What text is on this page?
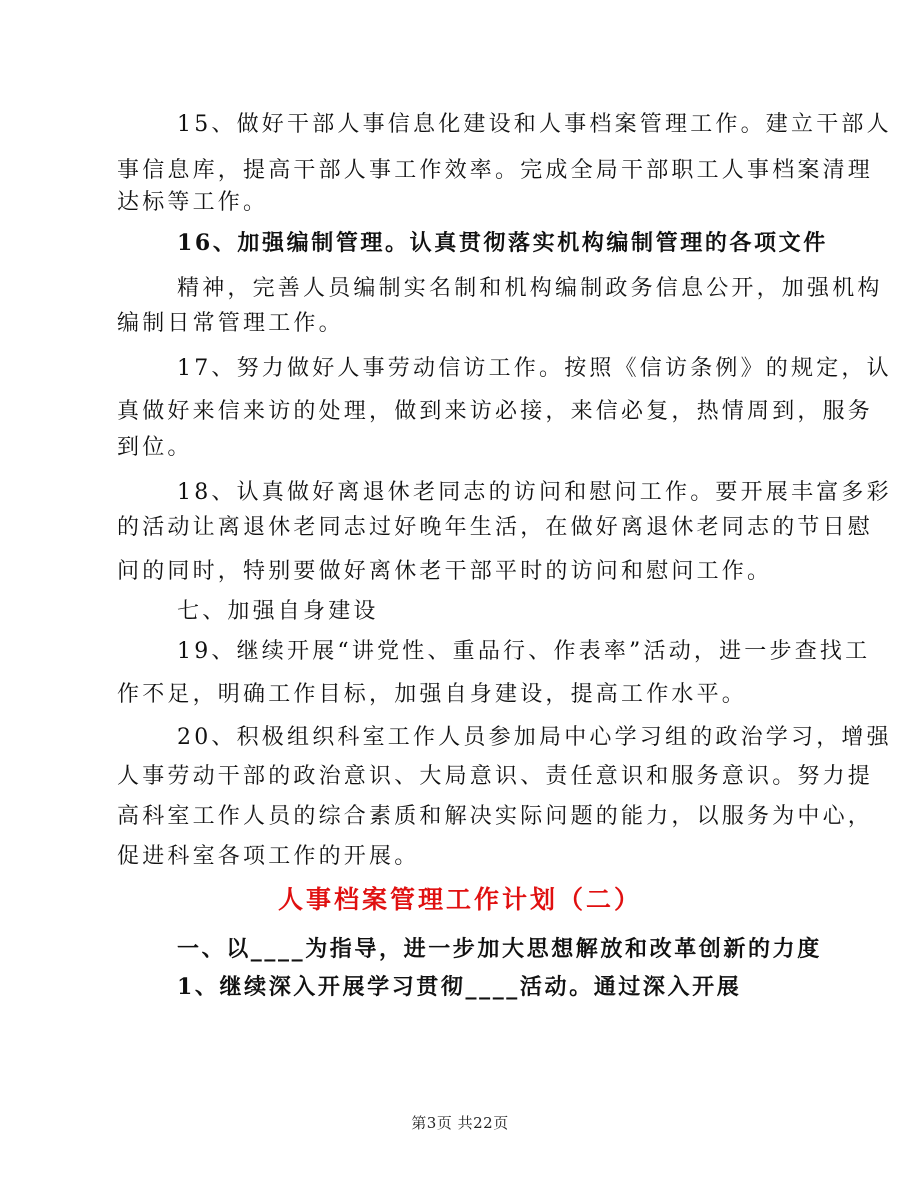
15、做好干部人事信息化建设和人事档案管理工作。建立干部人
事信息库，提高干部人事工作效率。完成全局干部职工人事档案清理
达标等工作。
16、加强编制管理。认真贯彻落实机构编制管理的各项文件
精神，完善人员编制实名制和机构编制政务信息公开，加强机构
编制日常管理工作。
17、努力做好人事劳动信访工作。按照《信访条例》的规定，认
真做好来信来访的处理，做到来访必接，来信必复，热情周到，服务
到位。
18、认真做好离退休老同志的访问和慰问工作。要开展丰富多彩
的活动让离退休老同志过好晚年生活，在做好离退休老同志的节日慰
问的同时，特别要做好离休老干部平时的访问和慰问工作。
七、加强自身建设
19、继续开展“讲党性、重品行、作表率”活动，进一步查找工
作不足，明确工作目标，加强自身建设，提高工作水平。
20、积极组织科室工作人员参加局中心学习组的政治学习，增强
人事劳动干部的政治意识、大局意识、责任意识和服务意识。努力提
高科室工作人员的综合素质和解决实际问题的能力，以服务为中心，
促进科室各项工作的开展。
人事档案管理工作计划（二）
一、以____为指导，进一步加大思想解放和改革创新的力度
1、继续深入开展学习贯彻____活动。通过深入开展
第3页 共22页
